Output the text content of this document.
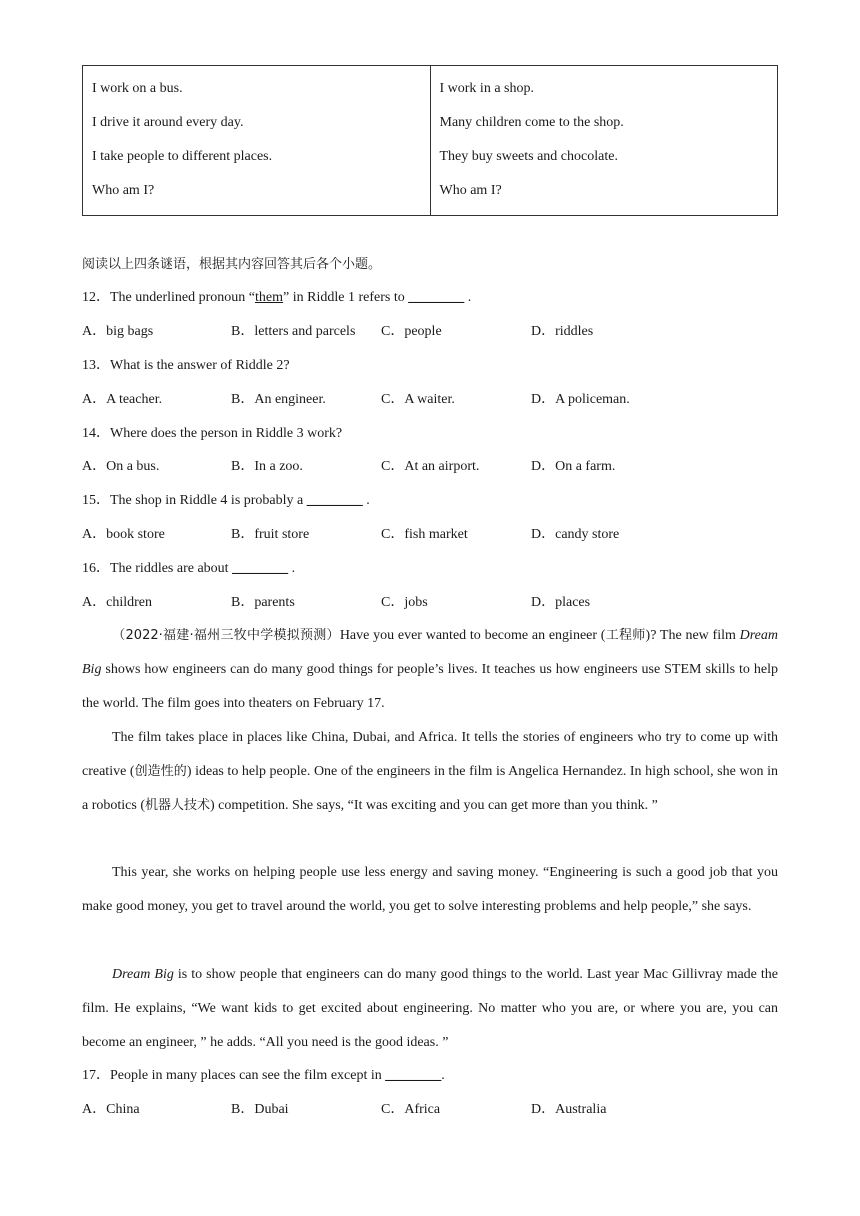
I work on a bus.
I drive it around every day.
I take people to different places.
Who am I?

I work in a shop.
Many children come to the shop.
They buy sweets and chocolate.
Who am I?
阅读以上四条谜语，根据其内容回答其后各个小题。
12．The underlined pronoun “them” in Riddle 1 refers to ________ .
A．big bags	B．letters and parcels C．people	D．riddles
13．What is the answer of Riddle 2?
A．A teacher.	B．An engineer.	C．A waiter.	D．A policeman.
14．Where does the person in Riddle 3 work?
A．On a bus.	B．In a zoo.	C．At an airport.	D．On a farm.
15．The shop in Riddle 4 is probably a ________ .
A．book store	B．fruit store	C．fish market	D．candy store
16．The riddles are about ________ .
A．children	B．parents	C．jobs	D．places
（2022·福建·福州三牧中学模拟预测）Have you ever wanted to become an engineer (工程师)? The new film Dream Big shows how engineers can do many good things for people’s lives. It teaches us how engineers use STEM skills to help the world. The film goes into theaters on February 17.
The film takes place in places like China, Dubai, and Africa. It tells the stories of engineers who try to come up with creative (创造性的) ideas to help people. One of the engineers in the film is Angelica Hernandez. In high school, she won in a robotics (机器人技术) competition. She says, “It was exciting and you can get more than you think. ”
This year, she works on helping people use less energy and saving money. “Engineering is such a good job that you make good money, you get to travel around the world, you get to solve interesting problems and help people,” she says.
Dream Big is to show people that engineers can do many good things to the world. Last year Mac Gillivray made the film. He explains, “We want kids to get excited about engineering. No matter who you are, or where you are, you can become an engineer, ” he adds. “All you need is the good ideas. ”
17．People in many places can see the film except in ________.
A．China	B．Dubai	C．Africa	D．Australia
